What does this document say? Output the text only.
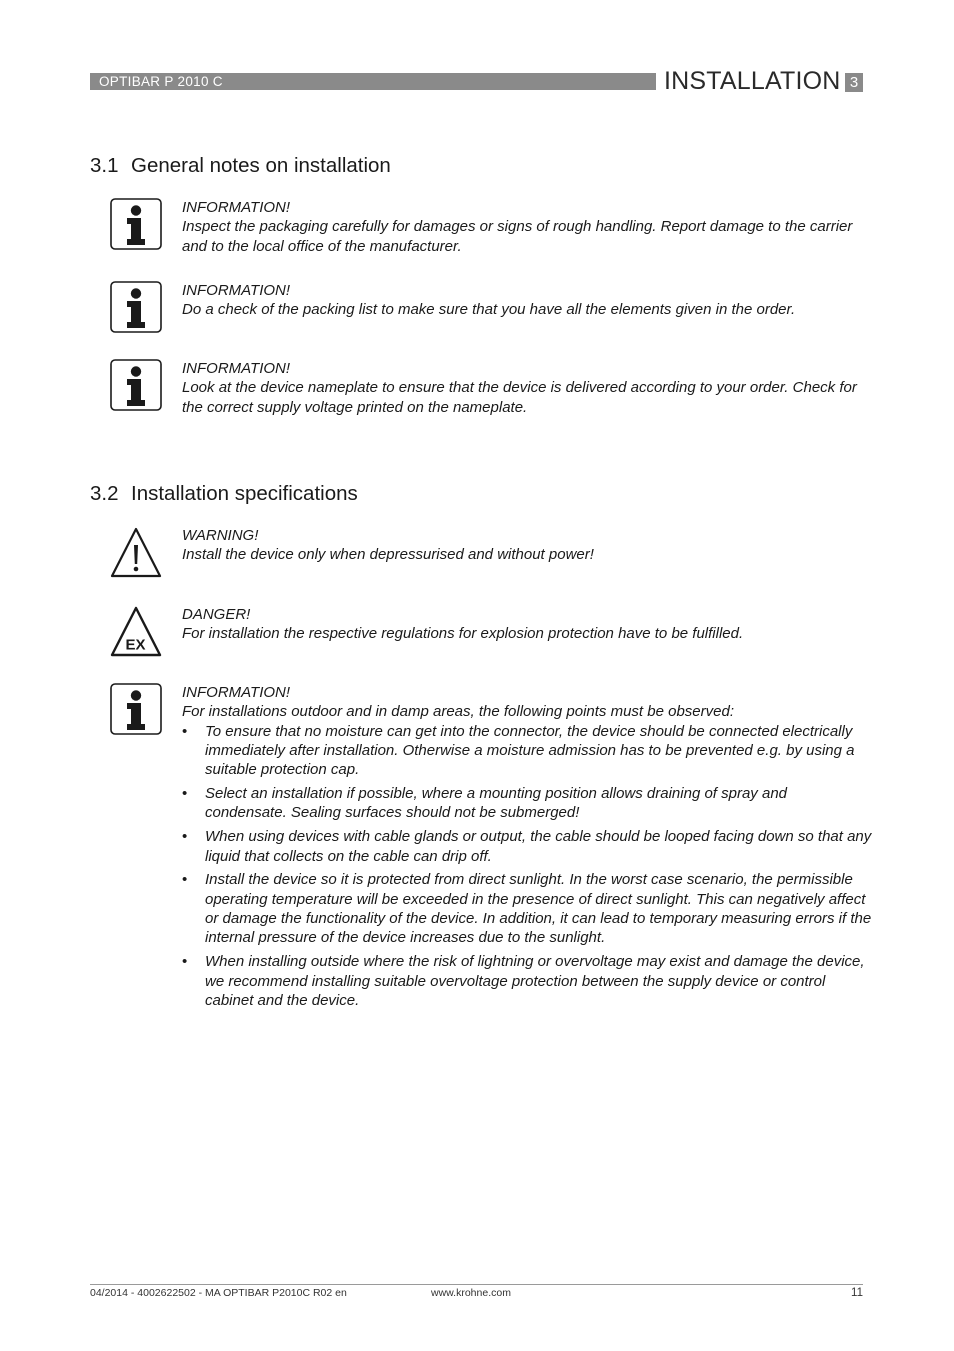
OPTIBAR P 2010 C	INSTALLATION 3
3.1 General notes on installation
INFORMATION!
Inspect the packaging carefully for damages or signs of rough handling. Report damage to the carrier and to the local office of the manufacturer.
INFORMATION!
Do a check of the packing list to make sure that you have all the elements given in the order.
INFORMATION!
Look at the device nameplate to ensure that the device is delivered according to your order. Check for the correct supply voltage printed on the nameplate.
3.2 Installation specifications
WARNING!
Install the device only when depressurised and without power!
EX
DANGER!
For installation the respective regulations for explosion protection have to be fulfilled.
INFORMATION!
For installations outdoor and in damp areas, the following points must be observed:
• To ensure that no moisture can get into the connector, the device should be connected electrically immediately after installation. Otherwise a moisture admission has to be prevented e.g. by using a suitable protection cap.
• Select an installation if possible, where a mounting position allows draining of spray and condensate. Sealing surfaces should not be submerged!
• When using devices with cable glands or output, the cable should be looped facing down so that any liquid that collects on the cable can drip off.
• Install the device so it is protected from direct sunlight. In the worst case scenario, the permissible operating temperature will be exceeded in the presence of direct sunlight. This can negatively affect or damage the functionality of the device. In addition, it can lead to temporary measuring errors if the internal pressure of the device increases due to the sunlight.
• When installing outside where the risk of lightning or overvoltage may exist and damage the device, we recommend installing suitable overvoltage protection between the supply device or control cabinet and the device.
04/2014 - 4002622502 - MA OPTIBAR P2010C R02 en	www.krohne.com	11
